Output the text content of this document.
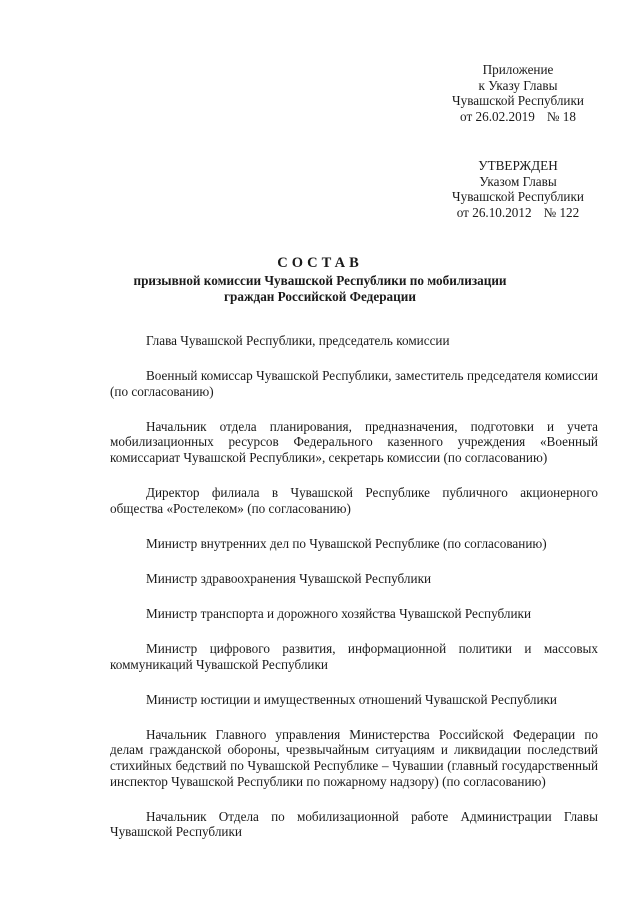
Приложение
к Указу Главы
Чувашской Республики
от 26.02.2019 № 18
УТВЕРЖДЕН
Указом Главы
Чувашской Республики
от 26.10.2012 № 122
СОСТАВ
призывной комиссии Чувашской Республики по мобилизации
граждан Российской Федерации

Глава Чувашской Республики, председатель комиссии

Военный комиссар Чувашской Республики, заместитель председателя комиссии (по согласованию)

Начальник отдела планирования, предназначения, подготовки и учета мобилизационных ресурсов Федерального казенного учреждения «Военный комиссариат Чувашской Республики», секретарь комиссии (по согласованию)

Директор филиала в Чувашской Республике публичного акционерного общества «Ростелеком» (по согласованию)

Министр внутренних дел по Чувашской Республике (по согласованию)

Министр здравоохранения Чувашской Республики

Министр транспорта и дорожного хозяйства Чувашской Республики

Министр цифрового развития, информационной политики и массовых коммуникаций Чувашской Республики

Министр юстиции и имущественных отношений Чувашской Республики

Начальник Главного управления Министерства Российской Федерации по делам гражданской обороны, чрезвычайным ситуациям и ликвидации последствий стихийных бедствий по Чувашской Республике – Чувашии (главный государственный инспектор Чувашской Республики по пожарному надзору) (по согласованию)

Начальник Отдела по мобилизационной работе Администрации Главы Чувашской Республики
